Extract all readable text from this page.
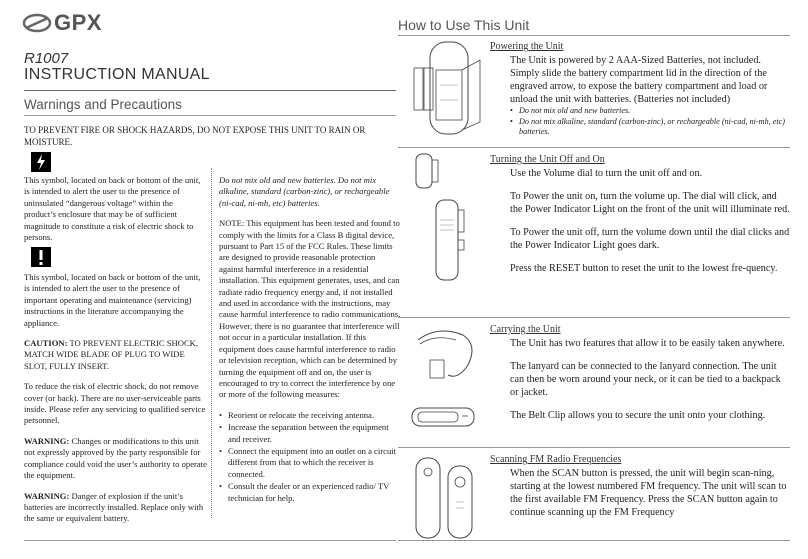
GPX
R1007
INSTRUCTION MANUAL
Warnings and Precautions
TO PREVENT FIRE OR SHOCK HAZARDS, DO NOT EXPOSE THIS UNIT TO RAIN OR MOISTURE.

This symbol, located on back or bottom of the unit, is intended to alert the user to the presence of uninsulated “dangerous voltage” within the product’s enclosure that may be of sufficient magnitude to constitute a risk of electric shock to persons.

This symbol, located on back or bottom of the unit, is intended to alert the user to the presence of important operating and maintenance (servicing) instructions in the literature accompanying the appliance.

CAUTION: TO PREVENT ELECTRIC SHOCK, MATCH WIDE BLADE OF PLUG TO WIDE SLOT, FULLY INSERT.

To reduce the risk of electric shock, do not remove cover (or back). There are no user-serviceable parts inside. Please refer any servicing to qualified service personnel.

WARNING: Changes or modifications to this unit not expressly approved by the party responsible for compliance could void the user’s authority to operate the equipment.

WARNING: Danger of explosion if the unit’s batteries are incorrectly installed. Replace only with the same or equivalent battery.

Do not mix old and new batteries. Do not mix alkaline, standard (carbon-zinc), or rechargeable (ni-cad, ni-mh, etc) batteries.

NOTE: This equipment has been tested and found to comply with the limits for a Class B digital device, pursuant to Part 15 of the FCC Rules. These limits are designed to provide reasonable protection against harmful interference in a residential installation. This equipment generates, uses, and can radiate radio frequency energy and, if not installed and used in accordance with the instructions, may cause harmful interference to radio communications. However, there is no guarantee that interference will not occur in a particular installation. If this equipment does cause harmful interference to radio or television reception, which can be determined by turning the equipment off and on, the user is encouraged to try to correct the interference by one or more of the following measures:

• Reorient or relocate the receiving antenna.
• Increase the separation between the equipment and receiver.
• Connect the equipment into an outlet on a circuit different from that to which the receiver is connected.
• Consult the dealer or an experienced radio/ TV technician for help.
How to Use This Unit
Powering the Unit
The Unit is powered by 2 AAA-Sized Batteries, not included. Simply slide the battery compartment lid in the direction of the engraved arrow, to expose the battery compartment and load or unload the unit with batteries. (Batteries not included)
• Do not mix old and new batteries.
• Do not mix alkaline, standard (carbon-zinc), or rechargeable (ni-cad, ni-mh, etc) batteries.
Turning the Unit Off and On

Use the Volume dial to turn the unit off and on.

To Power the unit on, turn the volume up. The dial will click, and the Power Indicator Light on the front of the unit will illuminate red.

To Power the unit off, turn the volume down until the dial clicks and the Power Indicator Light goes dark.

Press the RESET button to reset the unit to the lowest fre-quency.

Carrying the Unit

The Unit has two features that allow it to be easily taken anywhere.

The lanyard can be connected to the lanyard connection. The unit can then be worn around your neck, or it can be tied to a backpack or jacket.

The Belt Clip allows you to secure the unit onto your clothing.

Scanning FM Radio Frequencies

When the SCAN button is pressed, the unit will begin scan-ning, starting at the lowest numbered FM frequency. The unit will scan to the first available FM Frequency. Press the SCAN button again to continue scanning up the FM Frequency
